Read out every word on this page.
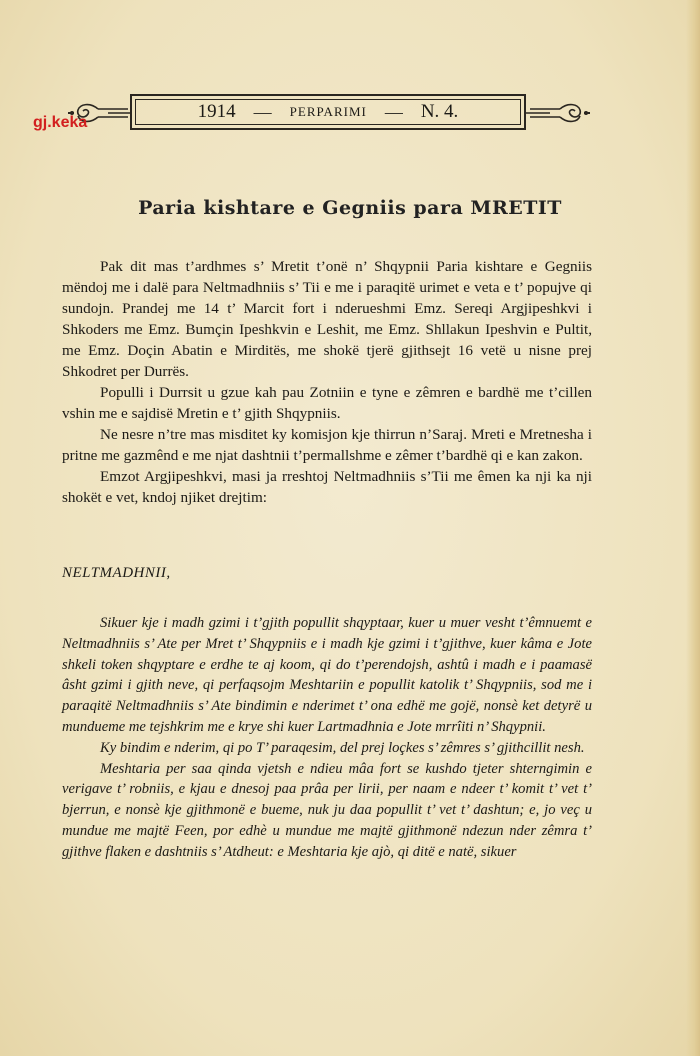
1914 — PERPARIMI — N. 4.
gj.keka
Paria kishtare e Gegniis para MRETIT

Pak dit mas t’ardhmes s’ Mretit t’onë n’ Shqypnii Paria kishtare e Gegniis mëndoj me i dalë para Neltmadhniis s’ Tii e me i paraqitë urimet e veta e t’ popujve qi sundojn. Prandej me 14 t’ Marcit fort i nderueshmi Emz. Sereqi Argjipeshkvi i Shkoders me Emz. Bumçin Ipeshkvin e Leshit, me Emz. Shllakun Ipeshvin e Pultit, me Emz. Doçin Abatin e Mirditës, me shokë tjerë gjithsejt 16 vetë u nisne prej Shkodret per Durrës.

Populli i Durrsit u gzue kah pau Zotniin e tyne e zêmren e bardhë me t’cillen vshin me e sajdisë Mretin e t’ gjith Shqypniis.

Ne nesre n’tre mas misditet ky komisjon kje thirrun n’Saraj. Mreti e Mretnesha i pritne me gazmênd e me njat dashtnii t’permallshme e zêmer t’bardhë qi e kan zakon.

Emzot Argjipeshkvi, masi ja rreshtoj Neltmadhniis s’Tii me êmen ka nji ka nji shokët e vet, kndoj njiket drejtim:

NELTMADHNII,

Sikuer kje i madh gzimi i t’gjith popullit shqyptaar, kuer u muer vesht t’êmnuemt e Neltmadhniis s’ Ate per Mret t’ Shqypniis e i madh kje gzimi i t’gjithve, kuer kâma e Jote shkeli token shqyptare e erdhe te aj koom, qi do t’perendojsh, ashtû i madh e i paamasë âsht gzimi i gjith neve, qi perfaqsojm Meshtariin e popullit katolik t’ Shqypniis, sod me i paraqitë Neltmadhniis s’ Ate bindimin e nderimet t’ ona edhë me gojë, nonsè ket detyrë u mundueme me tejshkrim me e krye shi kuer Lartmadhnia e Jote mrrîiti n’ Shqypnii.

Ky bindim e nderim, qi po T’ paraqesim, del prej loçkes s’ zêmres s’ gjithcillit nesh.

Meshtaria per saa qinda vjetsh e ndieu mâa fort se kushdo tjeter shterngimin e verigave t’ robniis, e kjau e dnesoj paa prâa per lirii, per naam e ndeer t’ komit t’ vet t’ bjerrun, e nonsè kje gjithmonë e bueme, nuk ju daa popullit t’ vet t’ dashtun; e, jo veç u mundue me majtë Feen, por edhè u mundue me majtë gjithmonë ndezun nder zêmra t’ gjithve flaken e dashtniis s’ Atdheut: e Meshtaria kje ajò, qi ditë e natë, sikuer
